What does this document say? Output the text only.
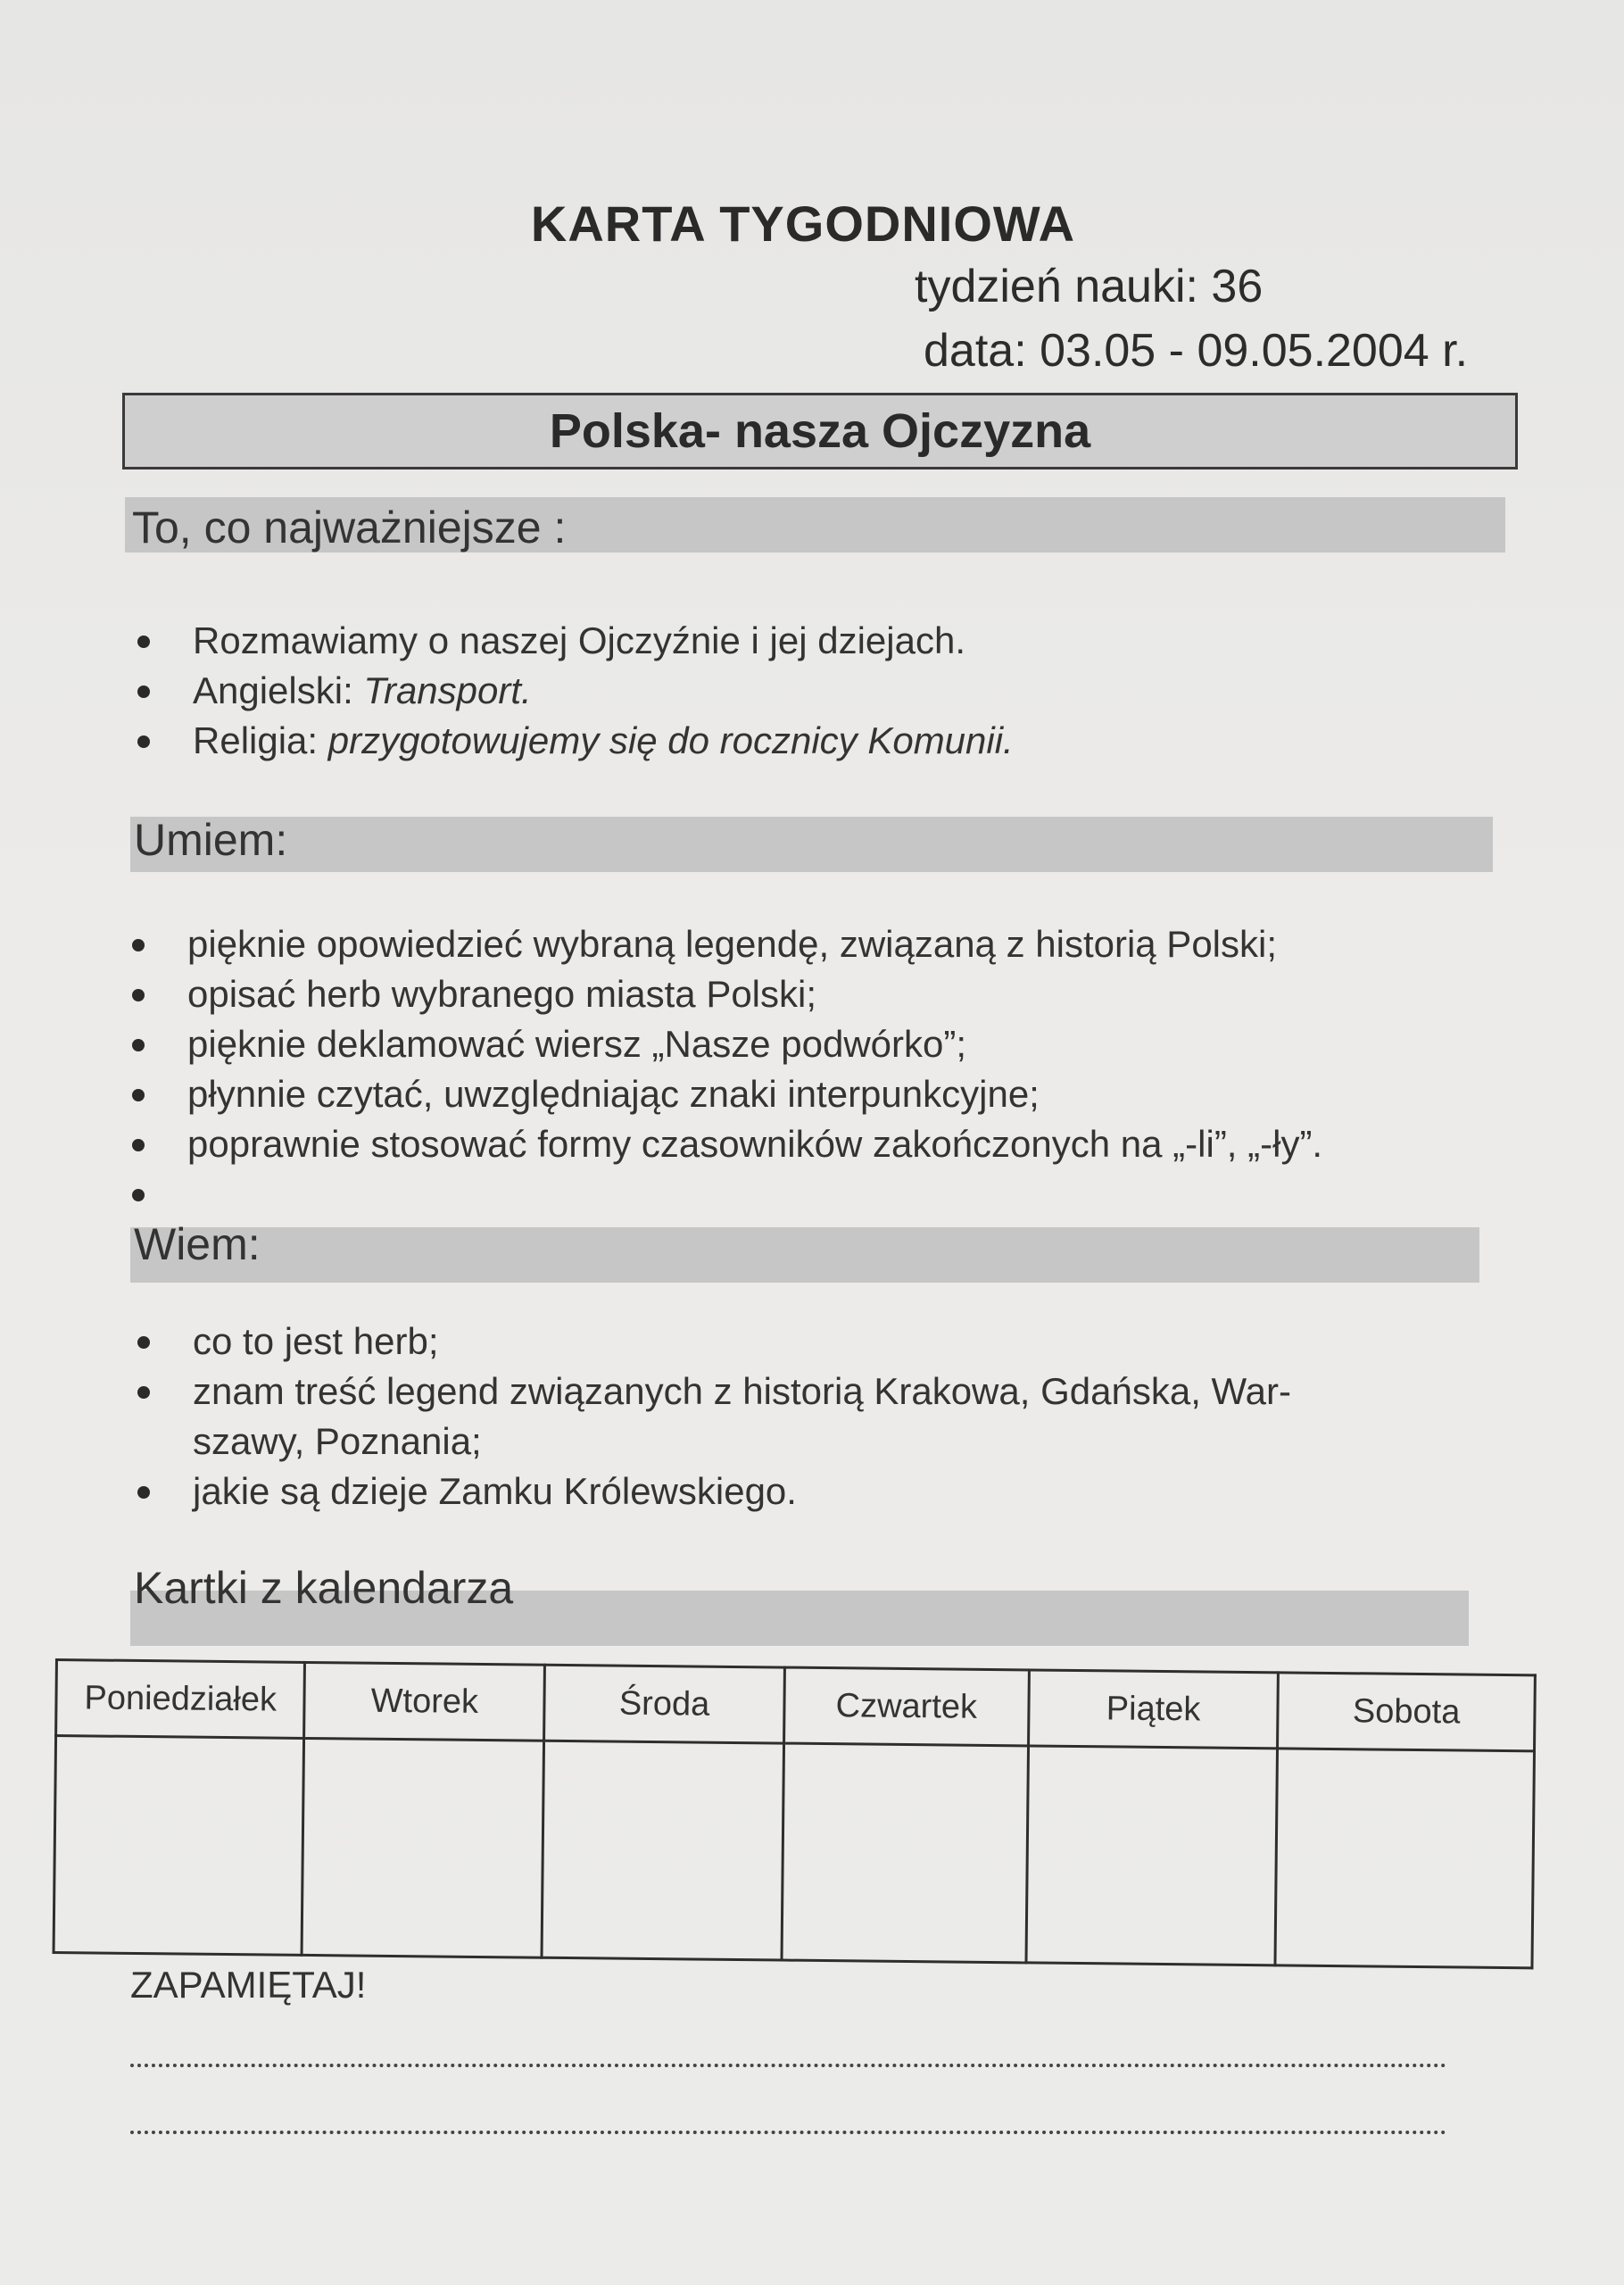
KARTA TYGODNIOWA
tydzień nauki: 36
data: 03.05 - 09.05.2004 r.
Polska- nasza Ojczyzna
To, co najważniejsze :
Rozmawiamy o naszej Ojczyźnie i jej dziejach.
Angielski: Transport.
Religia: przygotowujemy się do rocznicy Komunii.
Umiem:
pięknie opowiedzieć wybraną legendę, związaną z historią Polski;
opisać herb wybranego miasta Polski;
pięknie deklamować wiersz „Nasze podwórko”;
płynnie czytać, uwzględniając znaki interpunkcyjne;
poprawnie stosować formy czasowników zakończonych na „-li”, „-ły”.
Wiem:
co to jest herb;
znam treść legend związanych z historią Krakowa, Gdańska, War-
szawy, Poznania;
jakie są dzieje Zamku Królewskiego.
Kartki z kalendarza
Poniedziałek	Wtorek	Środa	Czwartek	Piątek	Sobota

ZAPAMIĘTAJ!
